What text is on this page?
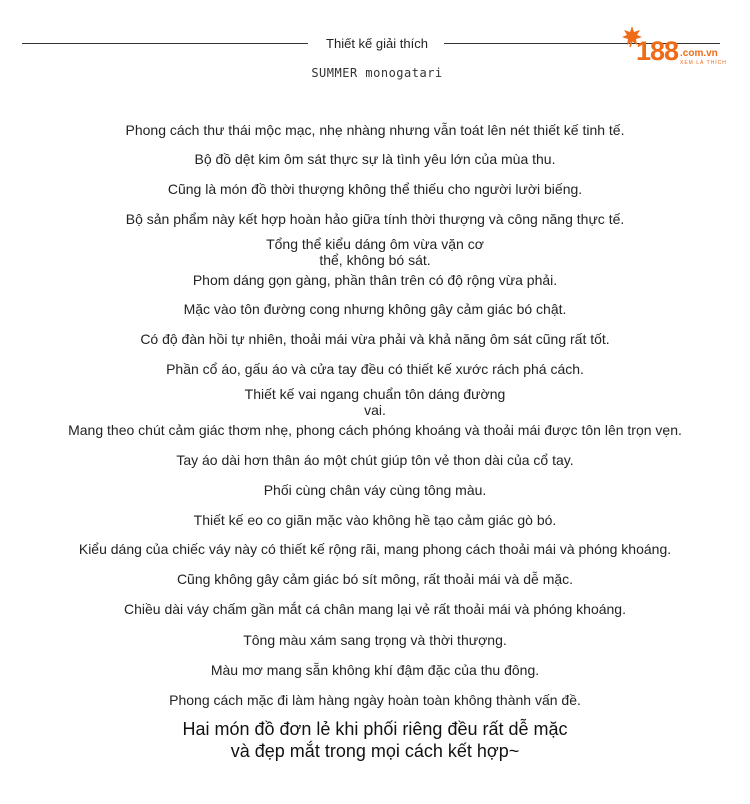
Thiết kế giải thích
SUMMER monogatari
188 .com.vn
XEM LÀ THÍCH
Phong cách thư thái mộc mạc, nhẹ nhàng nhưng vẫn toát lên nét thiết kế tinh tế.
Bộ đồ dệt kim ôm sát thực sự là tình yêu lớn của mùa thu.
Cũng là món đồ thời thượng không thể thiếu cho người lười biếng.
Bộ sản phẩm này kết hợp hoàn hảo giữa tính thời thượng và công năng thực tế.
Tổng thể kiểu dáng ôm vừa vặn cơ
thể, không bó sát.
Phom dáng gọn gàng, phần thân trên có độ rộng vừa phải.
Mặc vào tôn đường cong nhưng không gây cảm giác bó chật.
Có độ đàn hồi tự nhiên, thoải mái vừa phải và khả năng ôm sát cũng rất tốt.
Phần cổ áo, gấu áo và cửa tay đều có thiết kế xước rách phá cách.
Thiết kế vai ngang chuẩn tôn dáng đường
vai.
Mang theo chút cảm giác thơm nhẹ, phong cách phóng khoáng và thoải mái được tôn lên trọn vẹn.
Tay áo dài hơn thân áo một chút giúp tôn vẻ thon dài của cổ tay.
Phối cùng chân váy cùng tông màu.
Thiết kế eo co giãn mặc vào không hề tạo cảm giác gò bó.
Kiểu dáng của chiếc váy này có thiết kế rộng rãi, mang phong cách thoải mái và phóng khoáng.
Cũng không gây cảm giác bó sít mông, rất thoải mái và dễ mặc.
Chiều dài váy chấm gần mắt cá chân mang lại vẻ rất thoải mái và phóng khoáng.
Tông màu xám sang trọng và thời thượng.
Màu mơ mang sẵn không khí đậm đặc của thu đông.
Phong cách mặc đi làm hàng ngày hoàn toàn không thành vấn đề.
Hai món đồ đơn lẻ khi phối riêng đều rất dễ mặc
và đẹp mắt trong mọi cách kết hợp~
